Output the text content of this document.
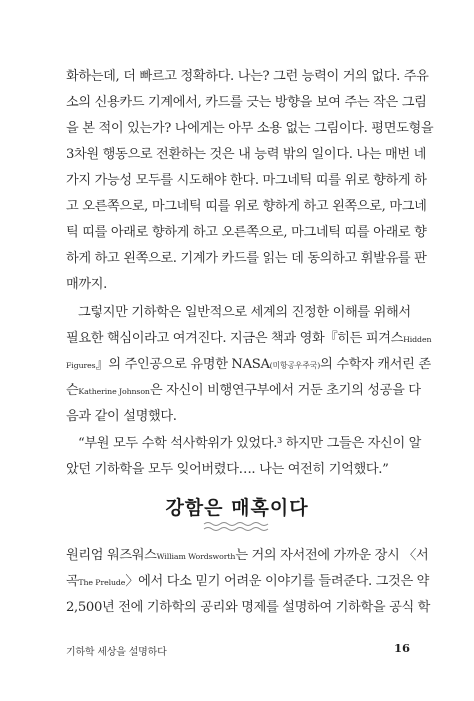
화하는데, 더 빠르고 정확하다. 나는? 그런 능력이 거의 없다. 주유
소의 신용카드 기계에서, 카드를 긋는 방향을 보여 주는 작은 그림
을 본 적이 있는가? 나에게는 아무 소용 없는 그림이다. 평면도형을
3차원 행동으로 전환하는 것은 내 능력 밖의 일이다. 나는 매번 네
가지 가능성 모두를 시도해야 한다. 마그네틱 띠를 위로 향하게 하
고 오른쪽으로, 마그네틱 띠를 위로 향하게 하고 왼쪽으로, 마그네
틱 띠를 아래로 향하게 하고 오른쪽으로, 마그네틱 띠를 아래로 향
하게 하고 왼쪽으로. 기계가 카드를 읽는 데 동의하고 휘발유를 판
매까지.
그렇지만 기하학은 일반적으로 세계의 진정한 이해를 위해서
필요한 핵심이라고 여겨진다. 지금은 책과 영화『히든 피겨스Hidden
Figures』의 주인공으로 유명한 NASA(미항공우주국)의 수학자 캐서린 존
슨Katherine Johnson은 자신이 비행연구부에서 거둔 초기의 성공을 다
음과 같이 설명했다.
“부원 모두 수학 석사학위가 있었다.$^3$ 하지만 그들은 자신이 알
았던 기하학을 모두 잊어버렸다…. 나는 여전히 기억했다.”
강함은 매혹이다
원리엄 워즈워스William Wordsworth는 거의 자서전에 가까운 장시 〈서
곡The Prelude〉에서 다소 믿기 어려운 이야기를 들려준다. 그것은 약
2,500년 전에 기하학의 공리와 명제를 설명하여 기하학을 공식 학
기하학 세상을 설명하다	16
